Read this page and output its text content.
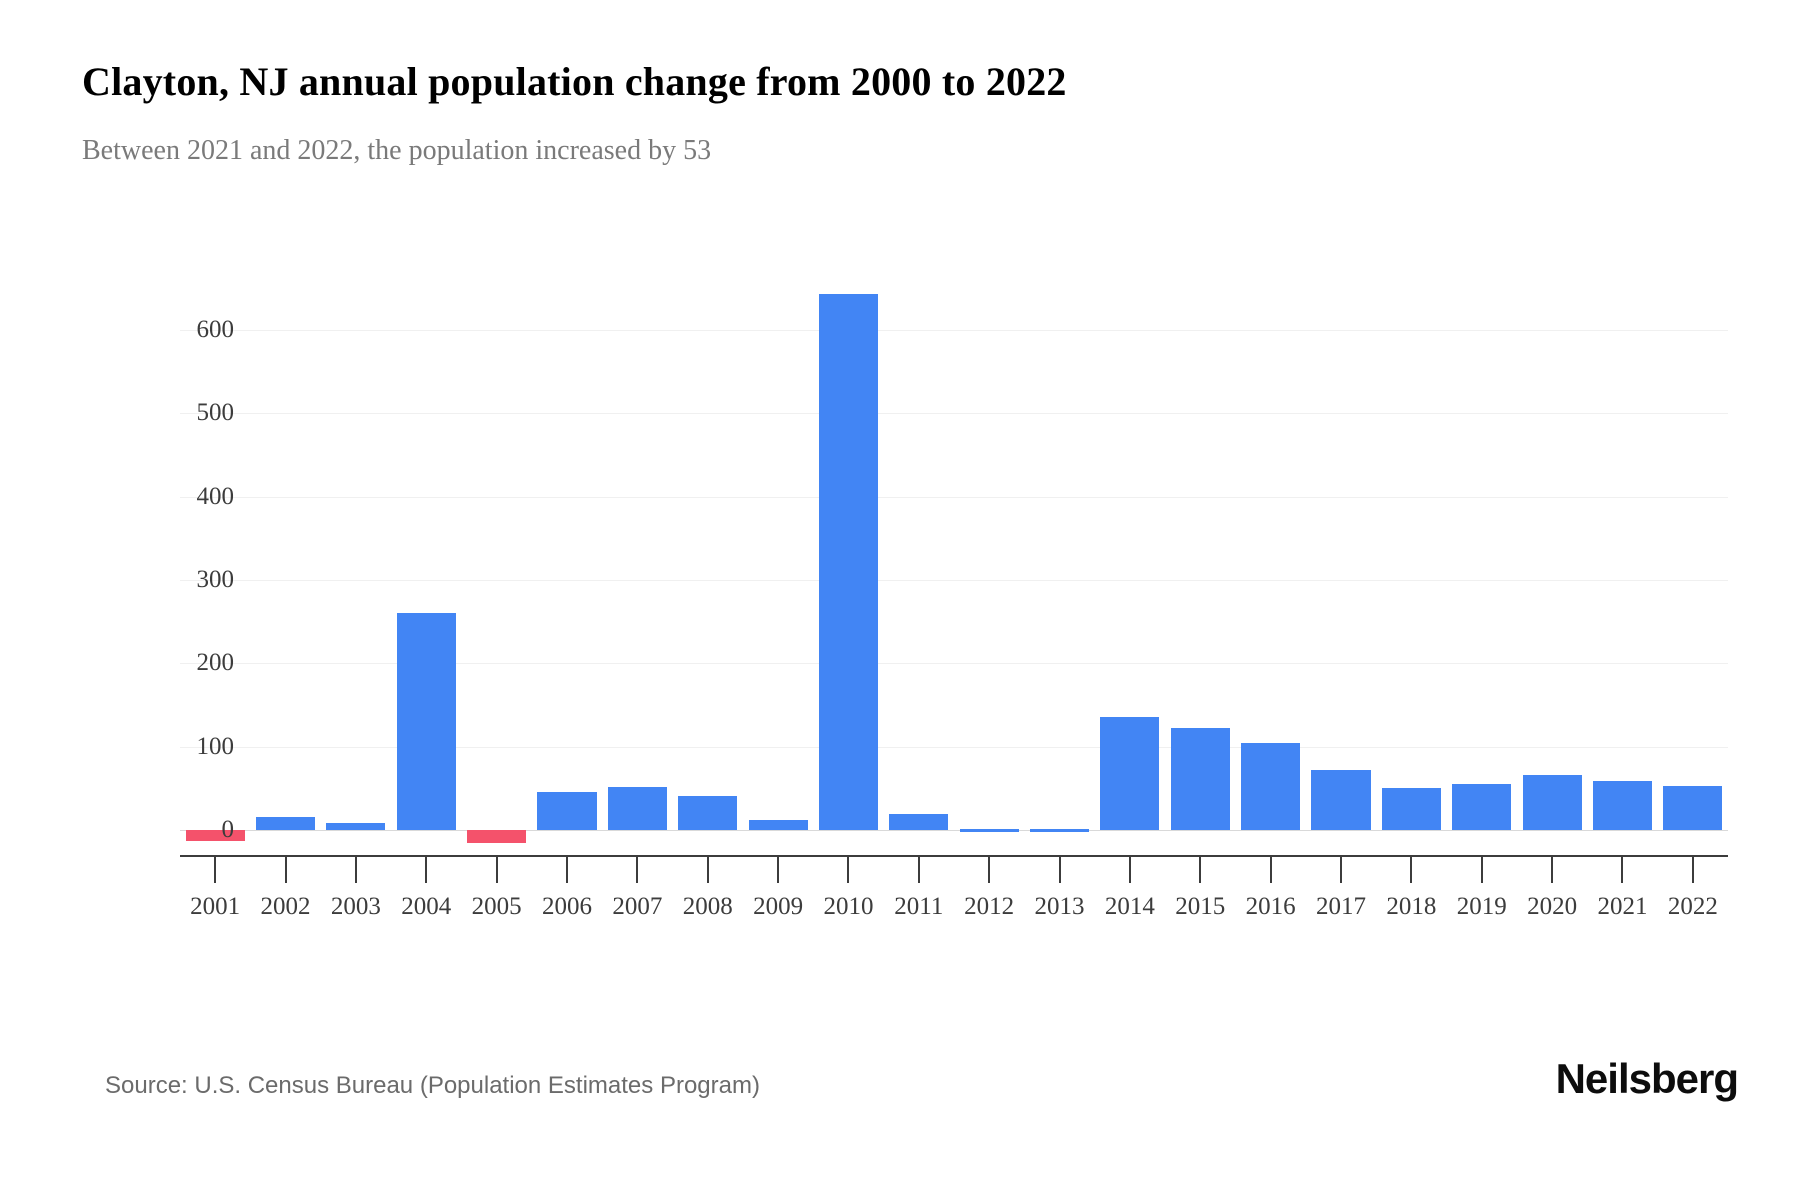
Clayton, NJ annual population change from 2000 to 2022
Between 2021 and 2022, the population increased by 53
0
100
200
300
400
500
600
2001 2002 2003 2004 2005 2006 2007 2008 2009 2010 2011 2012 2013 2014 2015 2016 2017 2018 2019 2020 2021 2022
Source: U.S. Census Bureau (Population Estimates Program)	Neilsberg
